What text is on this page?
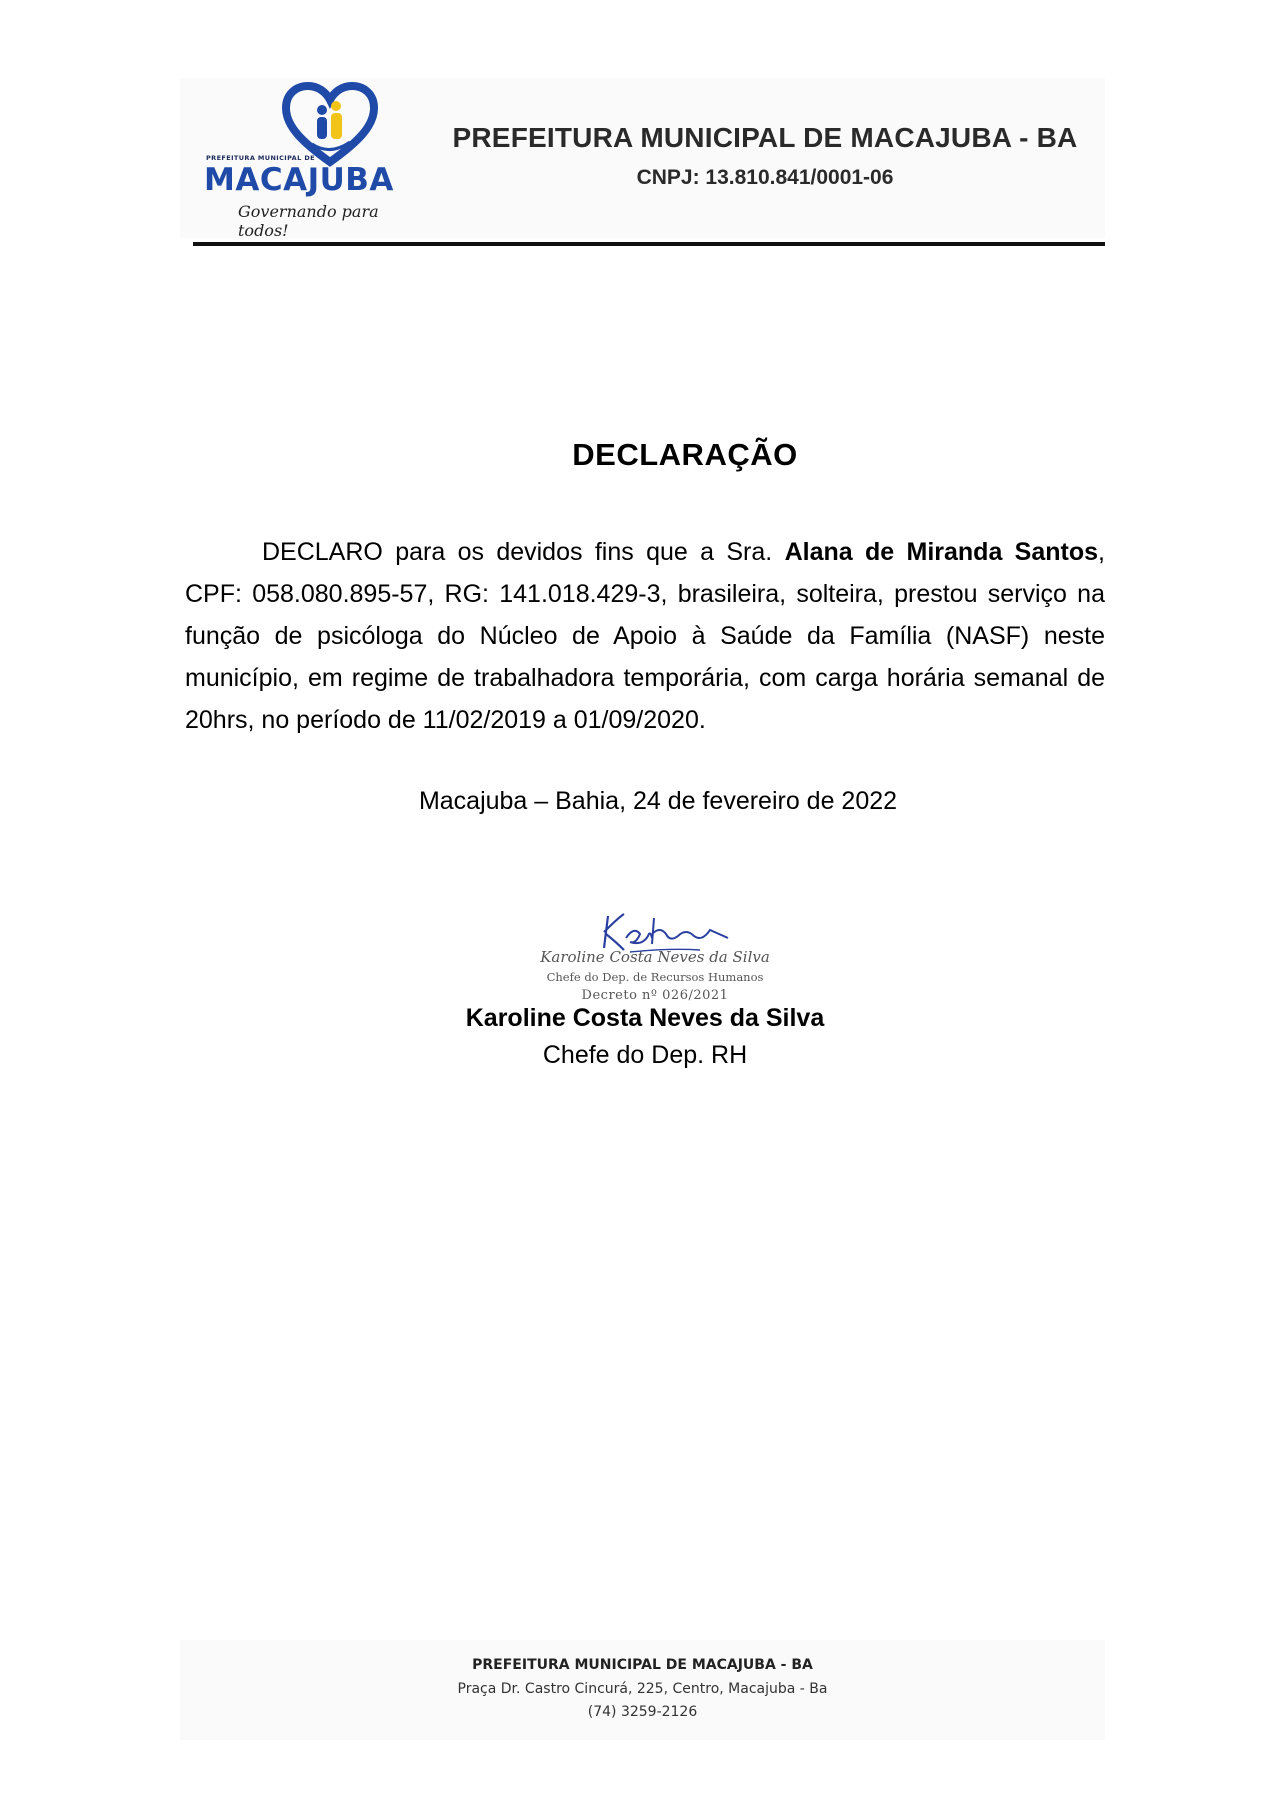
PREFEITURA MUNICIPAL DE
MACAJUBA
Governando para todos!
PREFEITURA MUNICIPAL DE MACAJUBA - BA
CNPJ: 13.810.841/0001-06
DECLARAÇÃO

DECLARO para os devidos fins que a Sra. Alana de Miranda Santos, CPF: 058.080.895-57, RG: 141.018.429-3, brasileira, solteira, prestou serviço na função de psicóloga do Núcleo de Apoio à Saúde da Família (NASF) neste município, em regime de trabalhadora temporária, com carga horária semanal de 20hrs, no período de 11/02/2019 a 01/09/2020.

Macajuba – Bahia, 24 de fevereiro de 2022
Karoline Costa Neves da Silva
Chefe do Dep. de Recursos Humanos
Decreto nº 026/2021
Karoline Costa Neves da Silva
Chefe do Dep. RH
PREFEITURA MUNICIPAL DE MACAJUBA - BA
Praça Dr. Castro Cincurá, 225, Centro, Macajuba - Ba
(74) 3259-2126
